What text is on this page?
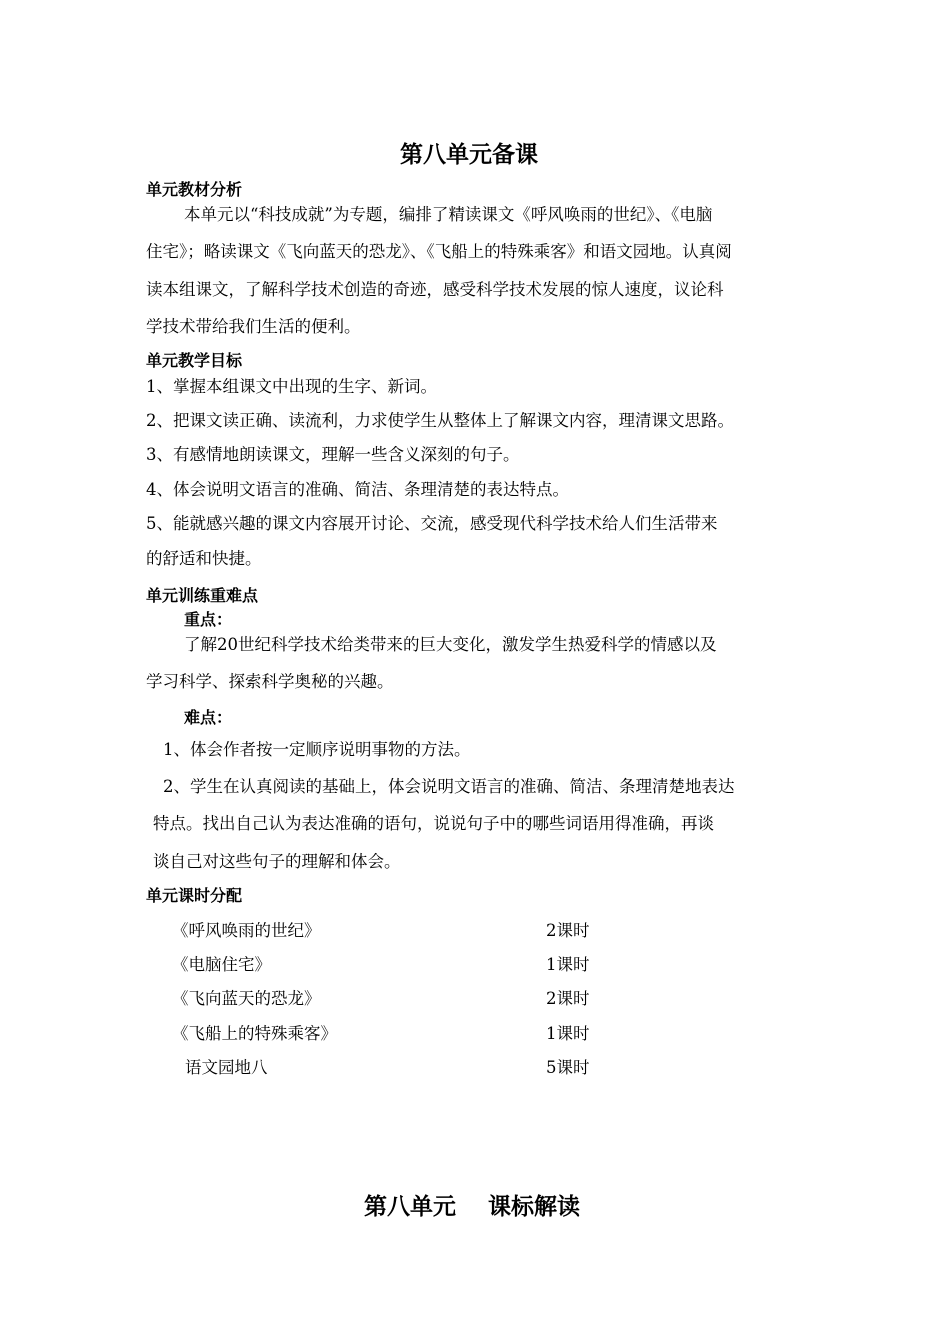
第八单元备课
单元教材分析
本单元以“科技成就”为专题，编排了精读课文《呼风唤雨的世纪》、《电脑
住宅》；略读课文《飞向蓝天的恐龙》、《飞船上的特殊乘客》和语文园地。认真阅
读本组课文，了解科学技术创造的奇迹，感受科学技术发展的惊人速度，议论科
学技术带给我们生活的便利。
单元教学目标
1、掌握本组课文中出现的生字、新词。
2、把课文读正确、读流利，力求使学生从整体上了解课文内容，理清课文思路。
3、有感情地朗读课文，理解一些含义深刻的句子。
4、体会说明文语言的准确、简洁、条理清楚的表达特点。
5、能就感兴趣的课文内容展开讨论、交流，感受现代科学技术给人们生活带来
的舒适和快捷。
单元训练重难点
重点：
了解20世纪科学技术给类带来的巨大变化，激发学生热爱科学的情感以及
学习科学、探索科学奥秘的兴趣。
难点：
1、体会作者按一定顺序说明事物的方法。
2、学生在认真阅读的基础上，体会说明文语言的准确、简洁、条理清楚地表达
特点。找出自己认为表达准确的语句，说说句子中的哪些词语用得准确，再谈
谈自己对这些句子的理解和体会。
单元课时分配
《呼风唤雨的世纪》	2课时
《电脑住宅》	1课时
《飞向蓝天的恐龙》	2课时
《飞船上的特殊乘客》	1课时
语文园地八	5课时
第八单元    课标解读
